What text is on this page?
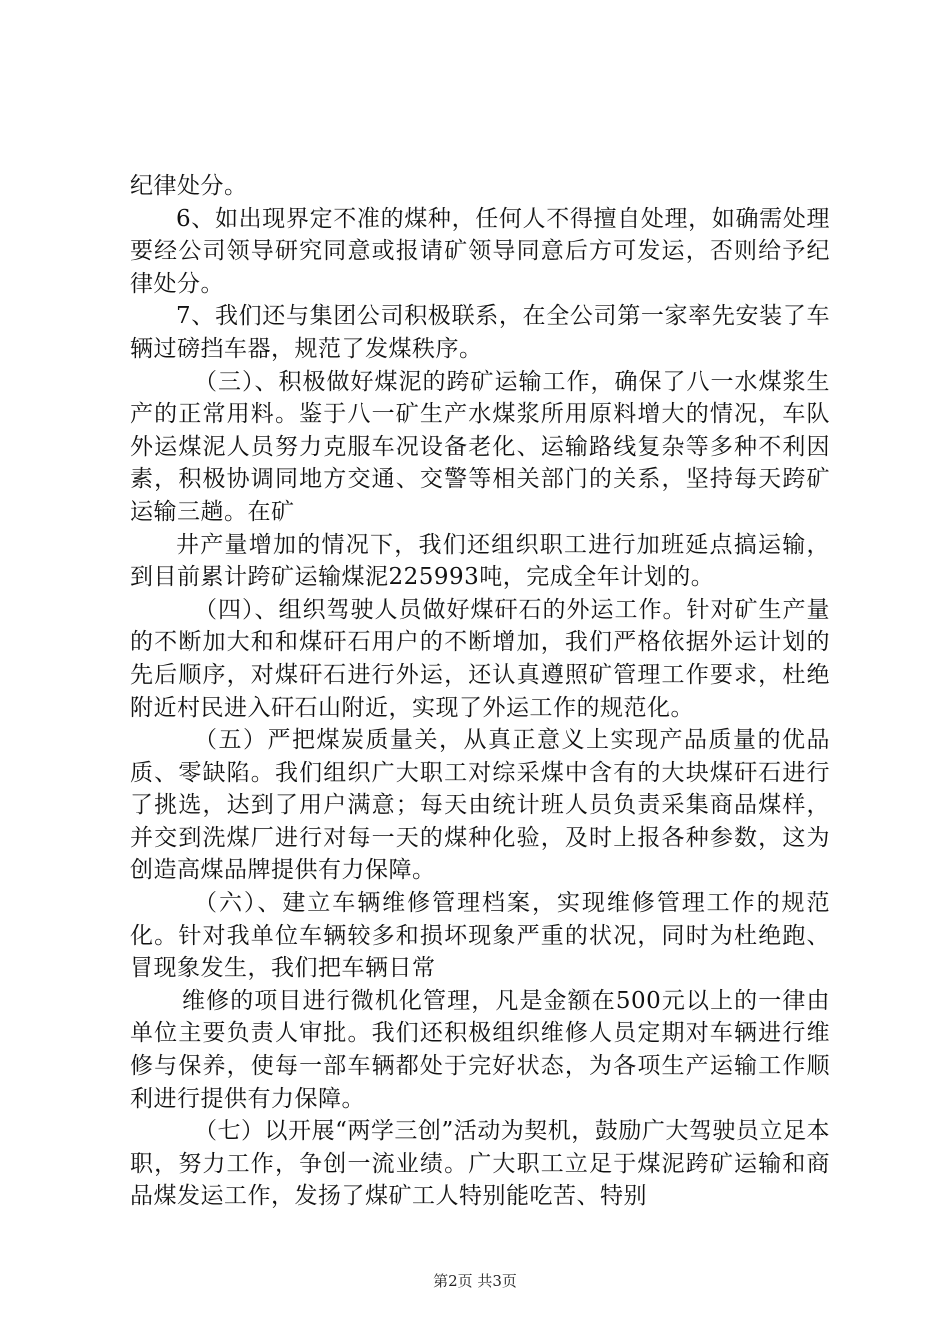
纪律处分。

6、如出现界定不准的煤种，任何人不得擅自处理，如确需处理要经公司领导研究同意或报请矿领导同意后方可发运，否则给予纪律处分。

7、我们还与集团公司积极联系，在全公司第一家率先安装了车辆过磅挡车器，规范了发煤秩序。

（三）、积极做好煤泥的跨矿运输工作，确保了八一水煤浆生产的正常用料。鉴于八一矿生产水煤浆所用原料增大的情况，车队外运煤泥人员努力克服车况设备老化、运输路线复杂等多种不利因素，积极协调同地方交通、交警等相关部门的关系，坚持每天跨矿运输三趟。在矿

井产量增加的情况下，我们还组织职工进行加班延点搞运输，到目前累计跨矿运输煤泥225993吨，完成全年计划的。

（四）、组织驾驶人员做好煤矸石的外运工作。针对矿生产量的不断加大和和煤矸石用户的不断增加，我们严格依据外运计划的先后顺序，对煤矸石进行外运，还认真遵照矿管理工作要求，杜绝附近村民进入矸石山附近，实现了外运工作的规范化。

（五）严把煤炭质量关，从真正意义上实现产品质量的优品质、零缺陷。我们组织广大职工对综采煤中含有的大块煤矸石进行了挑选，达到了用户满意；每天由统计班人员负责采集商品煤样，并交到洗煤厂进行对每一天的煤种化验，及时上报各种参数，这为创造高煤品牌提供有力保障。

（六）、建立车辆维修管理档案，实现维修管理工作的规范化。针对我单位车辆较多和损坏现象严重的状况，同时为杜绝跑、冒现象发生，我们把车辆日常

维修的项目进行微机化管理，凡是金额在500元以上的一律由单位主要负责人审批。我们还积极组织维修人员定期对车辆进行维修与保养，使每一部车辆都处于完好状态，为各项生产运输工作顺利进行提供有力保障。

（七）以开展“两学三创”活动为契机，鼓励广大驾驶员立足本职，努力工作，争创一流业绩。广大职工立足于煤泥跨矿运输和商品煤发运工作，发扬了煤矿工人特别能吃苦、特别

第2页 共3页
